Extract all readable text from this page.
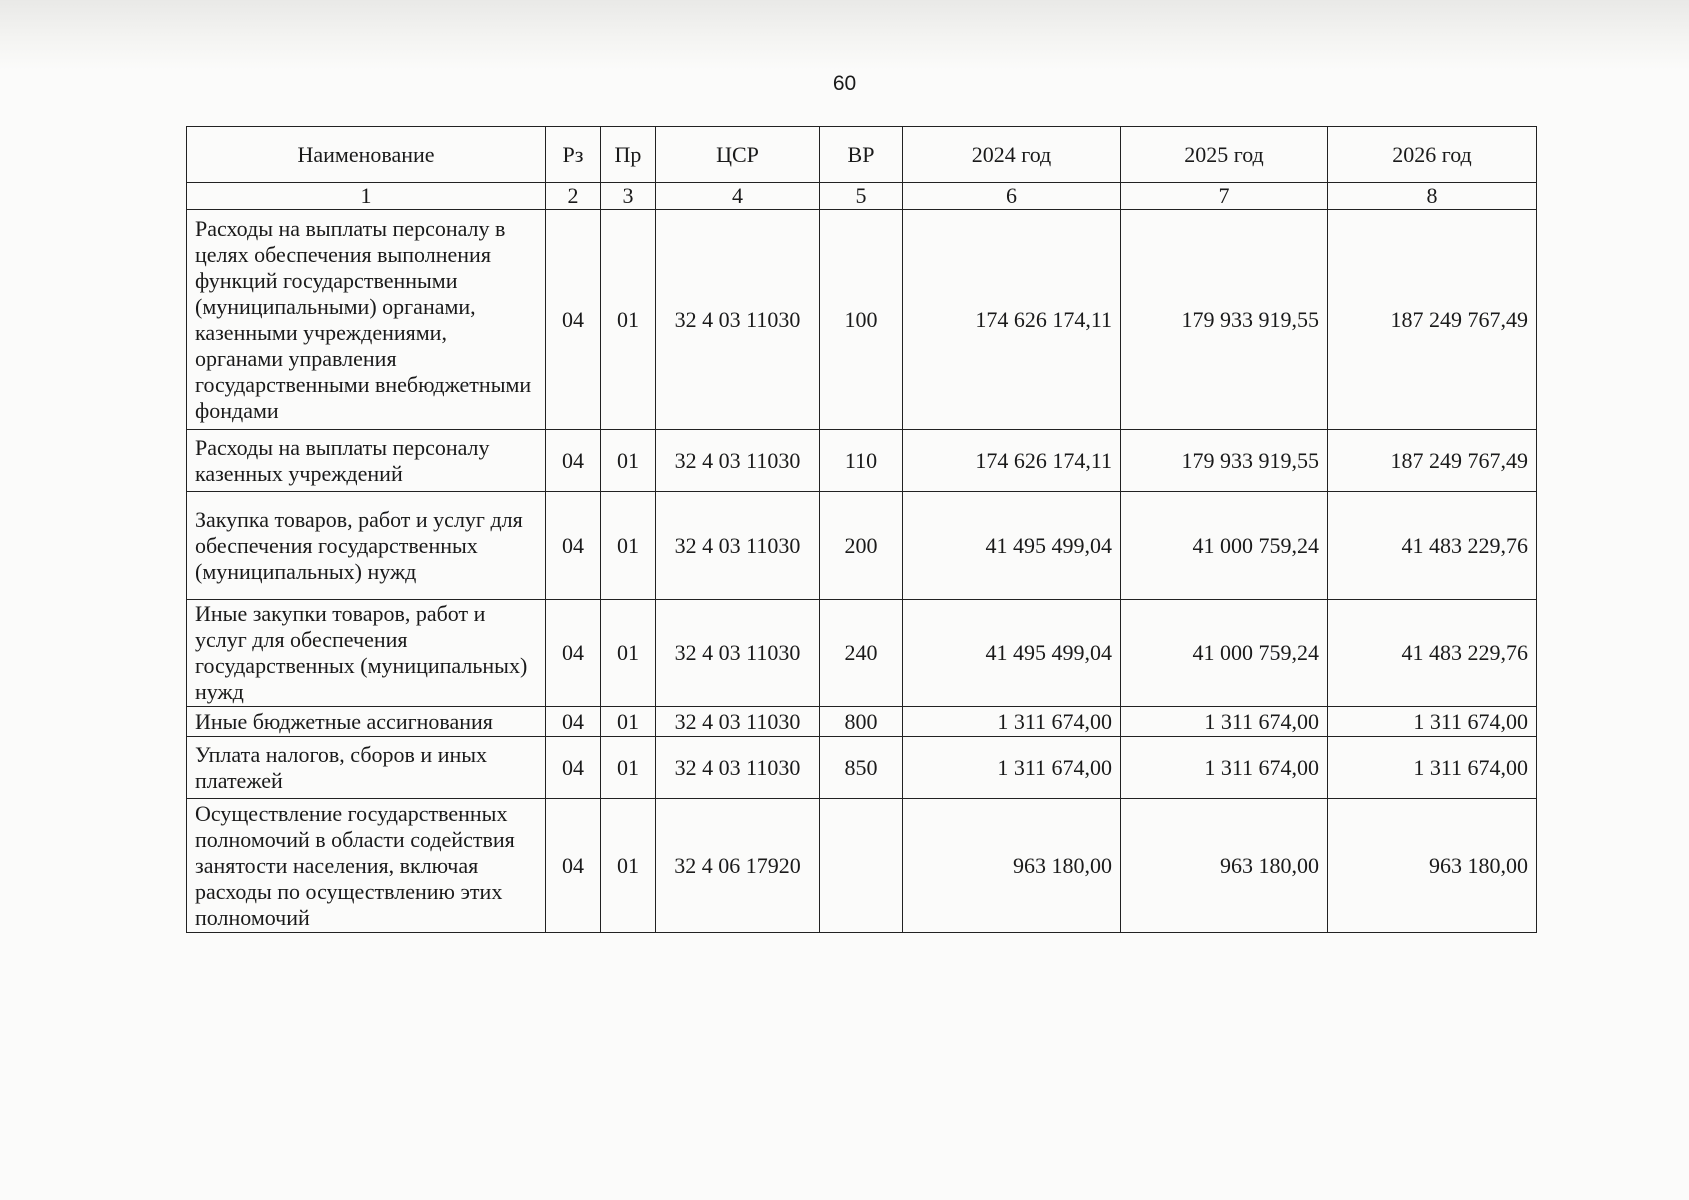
60
Наименование	Рз	Пр	ЦСР	ВР	2024 год	2025 год	2026 год
1	2	3	4	5	6	7	8
Расходы на выплаты персоналу в целях обеспечения выполнения функций государственными (муниципальными) органами, казенными учреждениями, органами управления государственными внебюджетными фондами	04	01	32 4 03 11030	100	174 626 174,11	179 933 919,55	187 249 767,49
Расходы на выплаты персоналу казенных учреждений	04	01	32 4 03 11030	110	174 626 174,11	179 933 919,55	187 249 767,49
Закупка товаров, работ и услуг для обеспечения государственных (муниципальных) нужд	04	01	32 4 03 11030	200	41 495 499,04	41 000 759,24	41 483 229,76
Иные закупки товаров, работ и услуг для обеспечения государственных (муниципальных) нужд	04	01	32 4 03 11030	240	41 495 499,04	41 000 759,24	41 483 229,76
Иные бюджетные ассигнования	04	01	32 4 03 11030	800	1 311 674,00	1 311 674,00	1 311 674,00
Уплата налогов, сборов и иных платежей	04	01	32 4 03 11030	850	1 311 674,00	1 311 674,00	1 311 674,00
Осуществление государственных полномочий в области содействия занятости населения, включая расходы по осуществлению этих полномочий	04	01	32 4 06 17920		963 180,00	963 180,00	963 180,00
